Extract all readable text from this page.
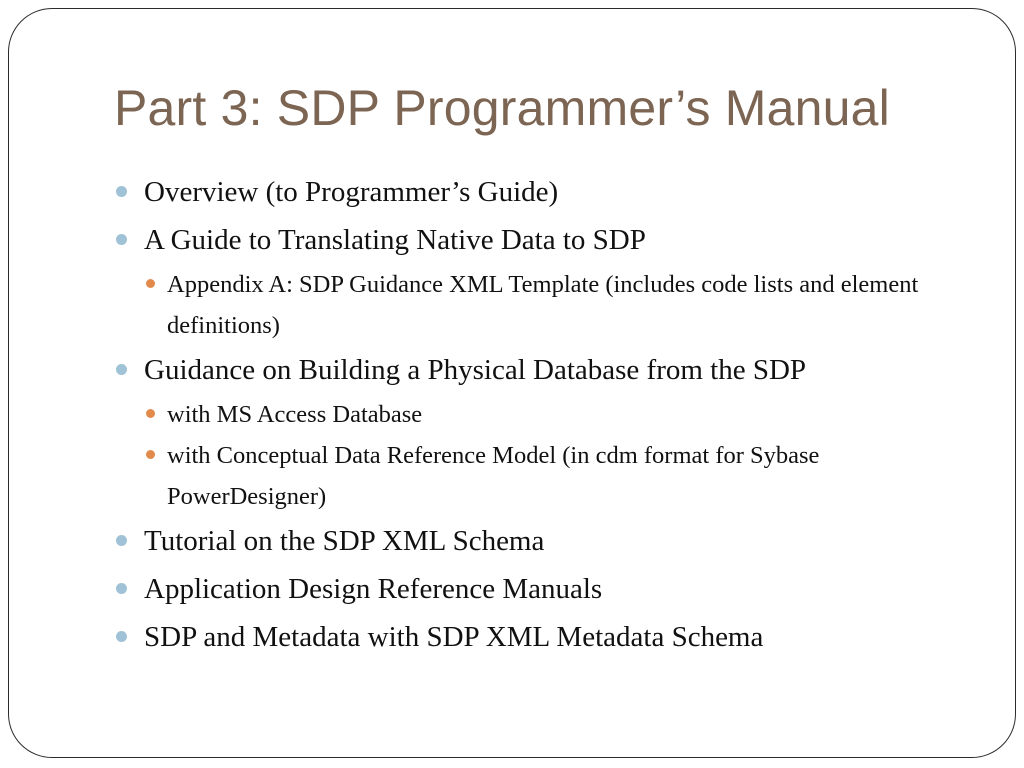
Part 3: SDP Programmer’s Manual
Overview (to Programmer’s Guide)
A Guide to Translating Native Data to SDP
Appendix A: SDP Guidance XML Template (includes code lists and element definitions)
Guidance on Building a Physical Database from the SDP
with MS Access Database
with Conceptual Data Reference Model (in cdm format for Sybase PowerDesigner)
Tutorial on the SDP XML Schema
Application Design Reference Manuals
SDP and Metadata with SDP XML Metadata Schema
